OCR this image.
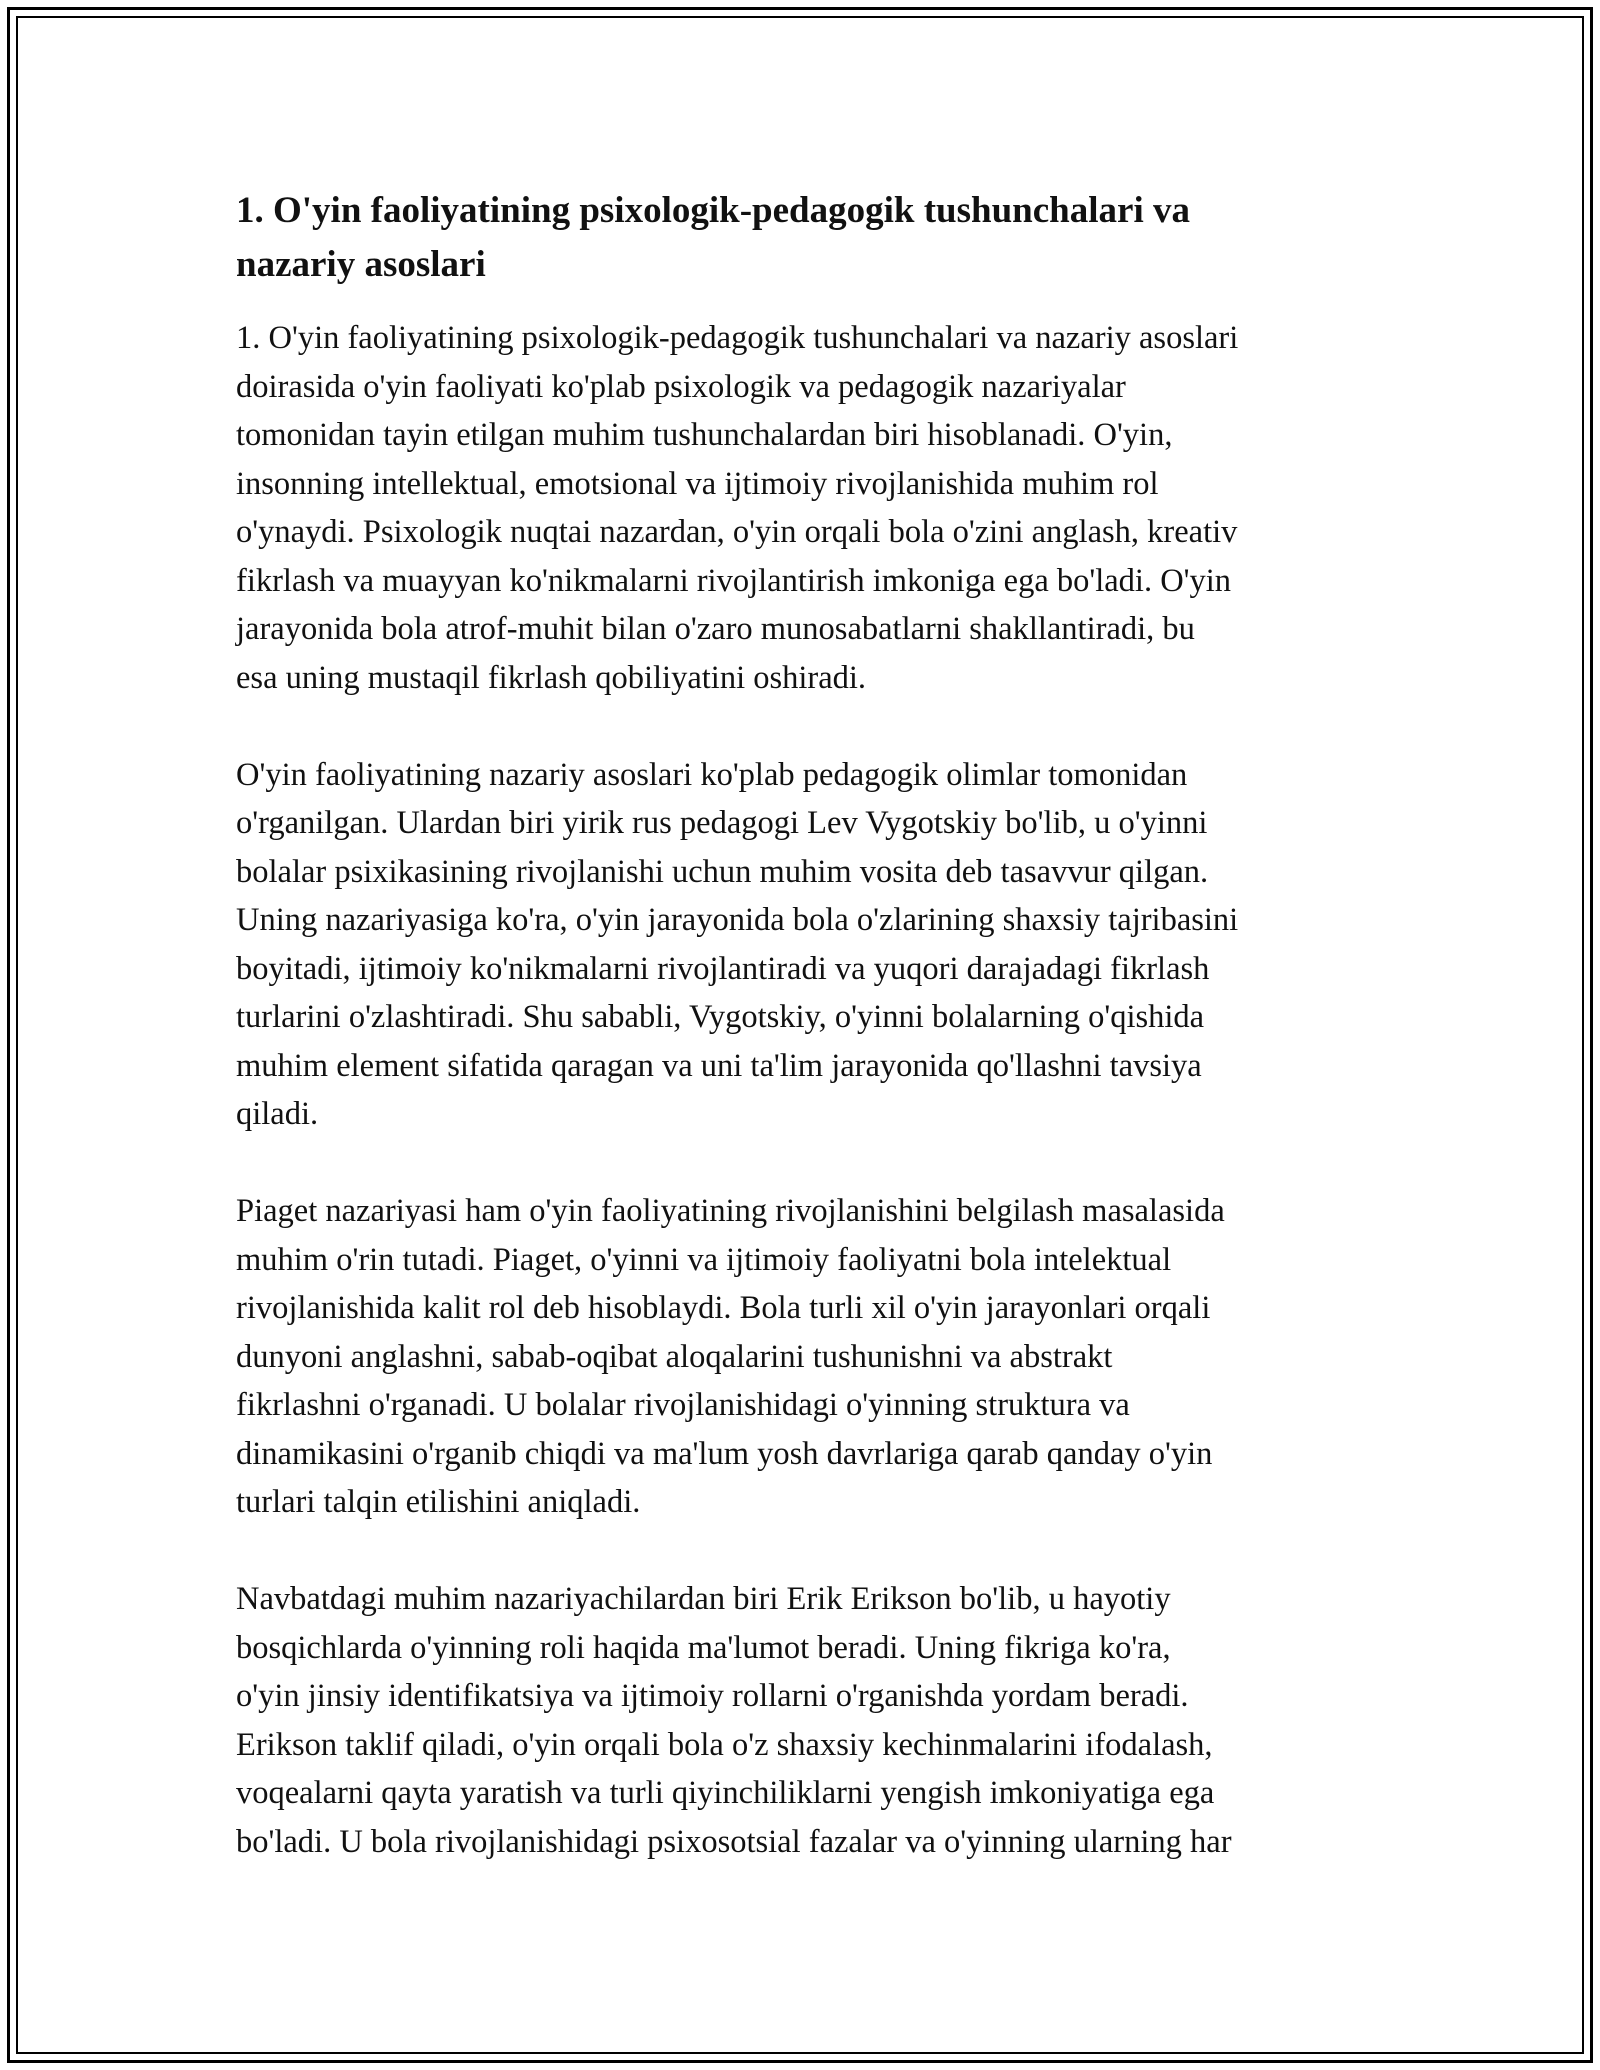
1. O'yin faoliyatining psixologik-pedagogik tushunchalari va
nazariy asoslari

1. O'yin faoliyatining psixologik-pedagogik tushunchalari va nazariy asoslari
doirasida o'yin faoliyati ko'plab psixologik va pedagogik nazariyalar
tomonidan tayin etilgan muhim tushunchalardan biri hisoblanadi. O'yin,
insonning intellektual, emotsional va ijtimoiy rivojlanishida muhim rol
o'ynaydi. Psixologik nuqtai nazardan, o'yin orqali bola o'zini anglash, kreativ
fikrlash va muayyan ko'nikmalarni rivojlantirish imkoniga ega bo'ladi. O'yin
jarayonida bola atrof-muhit bilan o'zaro munosabatlarni shakllantiradi, bu
esa uning mustaqil fikrlash qobiliyatini oshiradi.

O'yin faoliyatining nazariy asoslari ko'plab pedagogik olimlar tomonidan
o'rganilgan. Ulardan biri yirik rus pedagogi Lev Vygotskiy bo'lib, u o'yinni
bolalar psixikasining rivojlanishi uchun muhim vosita deb tasavvur qilgan.
Uning nazariyasiga ko'ra, o'yin jarayonida bola o'zlarining shaxsiy tajribasini
boyitadi, ijtimoiy ko'nikmalarni rivojlantiradi va yuqori darajadagi fikrlash
turlarini o'zlashtiradi. Shu sababli, Vygotskiy, o'yinni bolalarning o'qishida
muhim element sifatida qaragan va uni ta'lim jarayonida qo'llashni tavsiya
qiladi.

Piaget nazariyasi ham o'yin faoliyatining rivojlanishini belgilash masalasida
muhim o'rin tutadi. Piaget, o'yinni va ijtimoiy faoliyatni bola intelektual
rivojlanishida kalit rol deb hisoblaydi. Bola turli xil o'yin jarayonlari orqali
dunyoni anglashni, sabab-oqibat aloqalarini tushunishni va abstrakt
fikrlashni o'rganadi. U bolalar rivojlanishidagi o'yinning struktura va
dinamikasini o'rganib chiqdi va ma'lum yosh davrlariga qarab qanday o'yin
turlari talqin etilishini aniqladi.

Navbatdagi muhim nazariyachilardan biri Erik Erikson bo'lib, u hayotiy
bosqichlarda o'yinning roli haqida ma'lumot beradi. Uning fikriga ko'ra,
o'yin jinsiy identifikatsiya va ijtimoiy rollarni o'rganishda yordam beradi.
Erikson taklif qiladi, o'yin orqali bola o'z shaxsiy kechinmalarini ifodalash,
voqealarni qayta yaratish va turli qiyinchiliklarni yengish imkoniyatiga ega
bo'ladi. U bola rivojlanishidagi psixosotsial fazalar va o'yinning ularning har
